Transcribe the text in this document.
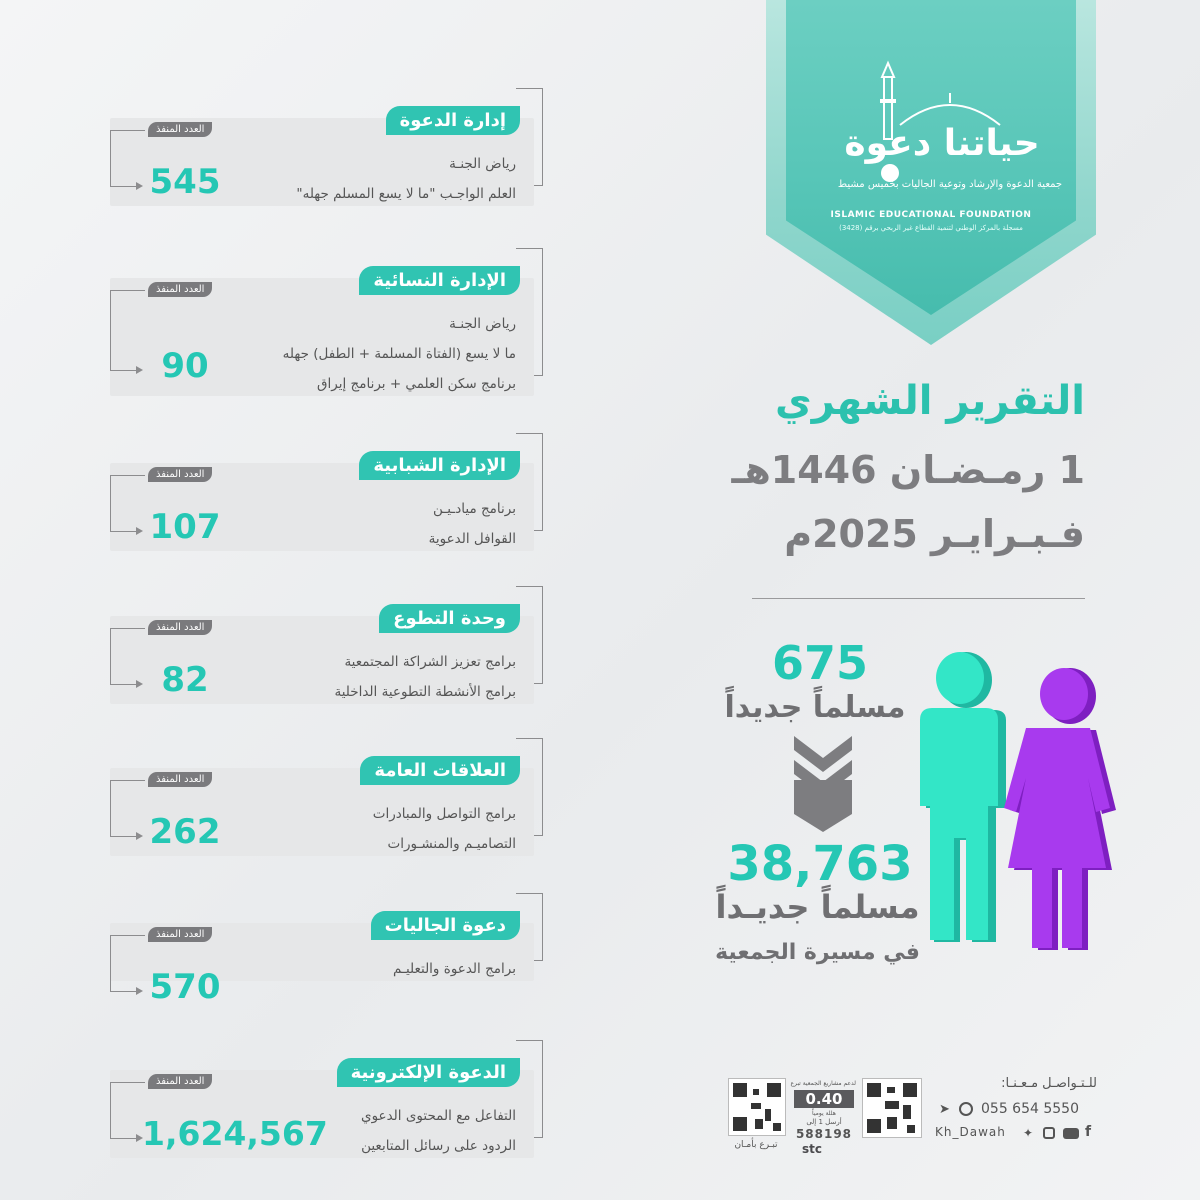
حياتنا دعوة
جمعية الدعوة والإرشاد وتوعية الجاليات بخميس مشيط
ISLAMIC EDUCATIONAL FOUNDATION
مسجلة بالمركز الوطني لتنمية القطاع غير الربحي برقم (3428)
التقرير الشهري
1 رمـضـان 1446هـ
فـبـرايـر 2025م
675
مسلماً جديداً
38,763
مسلماً جديـداً
في مسيرة الجمعية
إدارة الدعوة
رياض الجنـة
العلم الواجـب "ما لا يسع المسلم جهله"
العدد المنفذ
545
الإدارة النسائية
رياض الجنـة
ما لا يسع (الفتاة المسلمة + الطفل) جهله
برنامج سكن العلمي + برنامج إيراق
العدد المنفذ
90
الإدارة الشبابية
برنامج ميادـيـن
القوافل الدعوية
العدد المنفذ
107
وحدة التطوع
برامج تعزيز الشراكة المجتمعية
برامج الأنشطة التطوعية الداخلية
العدد المنفذ
82
العلاقات العامة
برامج التواصل والمبادرات
التصاميـم والمنشـورات
العدد المنفذ
262
دعوة الجاليات
برامج الدعوة والتعليـم
العدد المنفذ
570
الدعوة الإلكترونية
التفاعل مع المحتوى الدعوي
الردود على رسائل المتابعين
العدد المنفذ
1,624,567	تبـرع بأمـان
لدعم مشاريع الجمعية تبرع
0.40
هللة يومياً
أرسل 1 إلى
588198
stc
للـتـواصـل مـعـنـا:
055 654 5550
➤
Kh_Dawah ✦	f
